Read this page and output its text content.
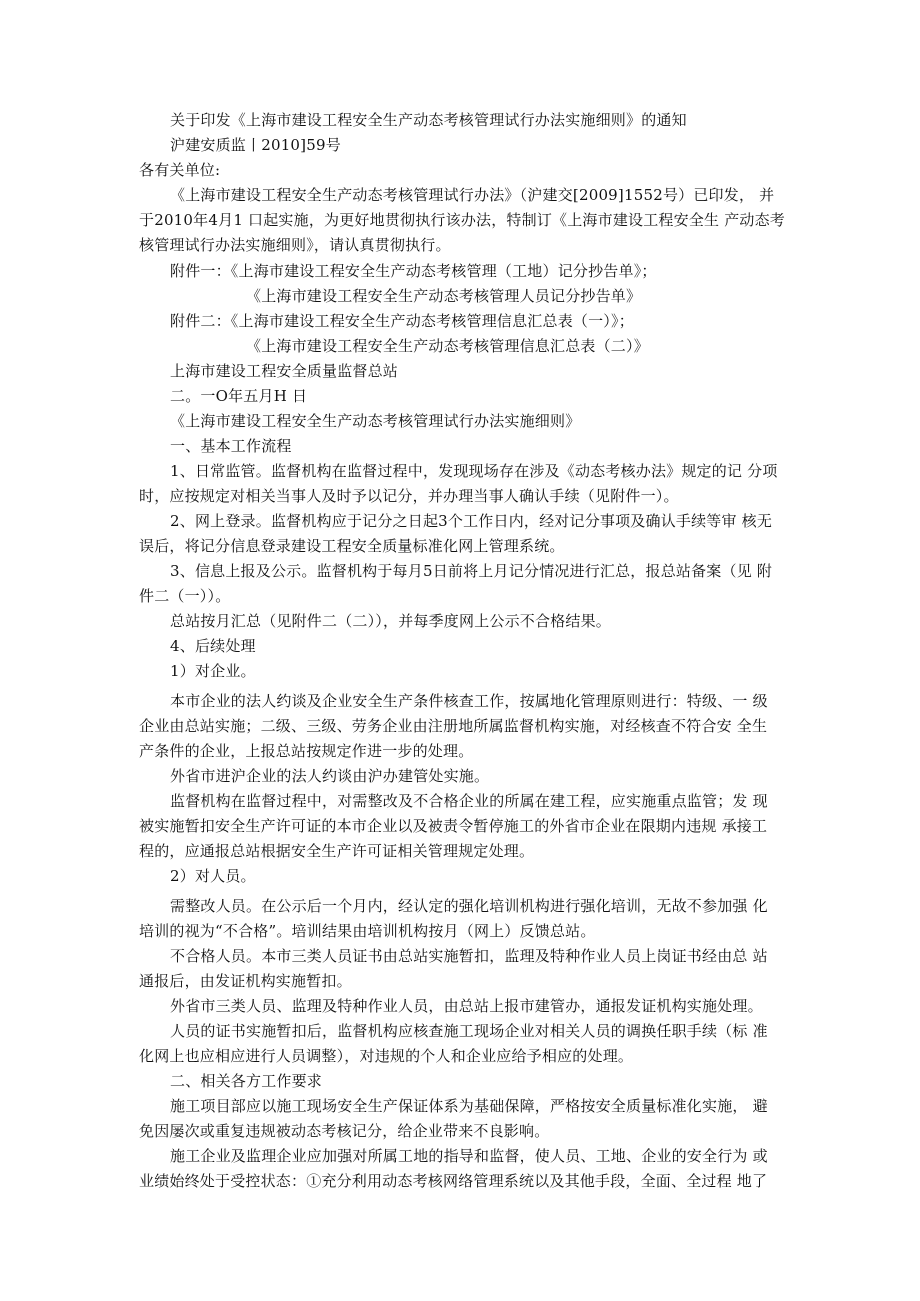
关于印发《上海市建设工程安全生产动态考核管理试行办法实施细则》的通知
沪建安质监丨2010]59号
各有关单位:
《上海市建设工程安全生产动态考核管理试行办法》（沪建交[2009]1552号）已印发， 并
于2010年4月1 口起实施，为更好地贯彻执行该办法，特制订《上海市建设工程安全生 产动态考
核管理试行办法实施细则》，请认真贯彻执行。
附件一：《上海市建设工程安全生产动态考核管理（工地）记分抄告单》；
《上海市建设工程安全生产动态考核管理人员记分抄告单》
附件二：《上海市建设工程安全生产动态考核管理信息汇总表（一）》；
《上海市建设工程安全生产动态考核管理信息汇总表（二）》
上海市建设工程安全质量监督总站
二。一O年五月H 日
《上海市建设工程安全生产动态考核管理试行办法实施细则》
一、基本工作流程
1、日常监管。监督机构在监督过程中，发现现场存在涉及《动态考核办法》规定的记 分项
时，应按规定对相关当事人及时予以记分，并办理当事人确认手续（见附件一）。
2、网上登录。监督机构应于记分之日起3个工作日内，经对记分事项及确认手续等审 核无
误后，将记分信息登录建设工程安全质量标准化网上管理系统。
3、信息上报及公示。监督机构于每月5日前将上月记分情况进行汇总，报总站备案（见 附
件二（一））。
总站按月汇总（见附件二（二）），并每季度网上公示不合格结果。
4、后续处理
1）对企业。
本市企业的法人约谈及企业安全生产条件核查工作，按属地化管理原则进行：特级、一 级
企业由总站实施；二级、三级、劳务企业由注册地所属监督机构实施，对经核查不符合安 全生
产条件的企业，上报总站按规定作进一步的处理。
外省市进沪企业的法人约谈由沪办建管处实施。
监督机构在监督过程中，对需整改及不合格企业的所属在建工程，应实施重点监管；发 现
被实施暂扣安全生产许可证的本市企业以及被责令暂停施工的外省市企业在限期内违规 承接工
程的，应通报总站根据安全生产许可证相关管理规定处理。
2）对人员。
需整改人员。在公示后一个月内，经认定的强化培训机构进行强化培训，无故不参加强 化
培训的视为“不合格”。培训结果由培训机构按月（网上）反馈总站。
不合格人员。本市三类人员证书由总站实施暂扣，监理及特种作业人员上岗证书经由总 站
通报后，由发证机构实施暂扣。
外省市三类人员、监理及特种作业人员，由总站上报市建管办，通报发证机构实施处理。
人员的证书实施暂扣后，监督机构应核查施工现场企业对相关人员的调换任职手续（标 准
化网上也应相应进行人员调整），对违规的个人和企业应给予相应的处理。
二、相关各方工作要求
施工项目部应以施工现场安全生产保证体系为基础保障，严格按安全质量标准化实施， 避
免因屡次或重复违规被动态考核记分，给企业带来不良影响。
施工企业及监理企业应加强对所属工地的指导和监督，使人员、工地、企业的安全行为 或
业绩始终处于受控状态：①充分利用动态考核网络管理系统以及其他手段，全面、全过程 地了
